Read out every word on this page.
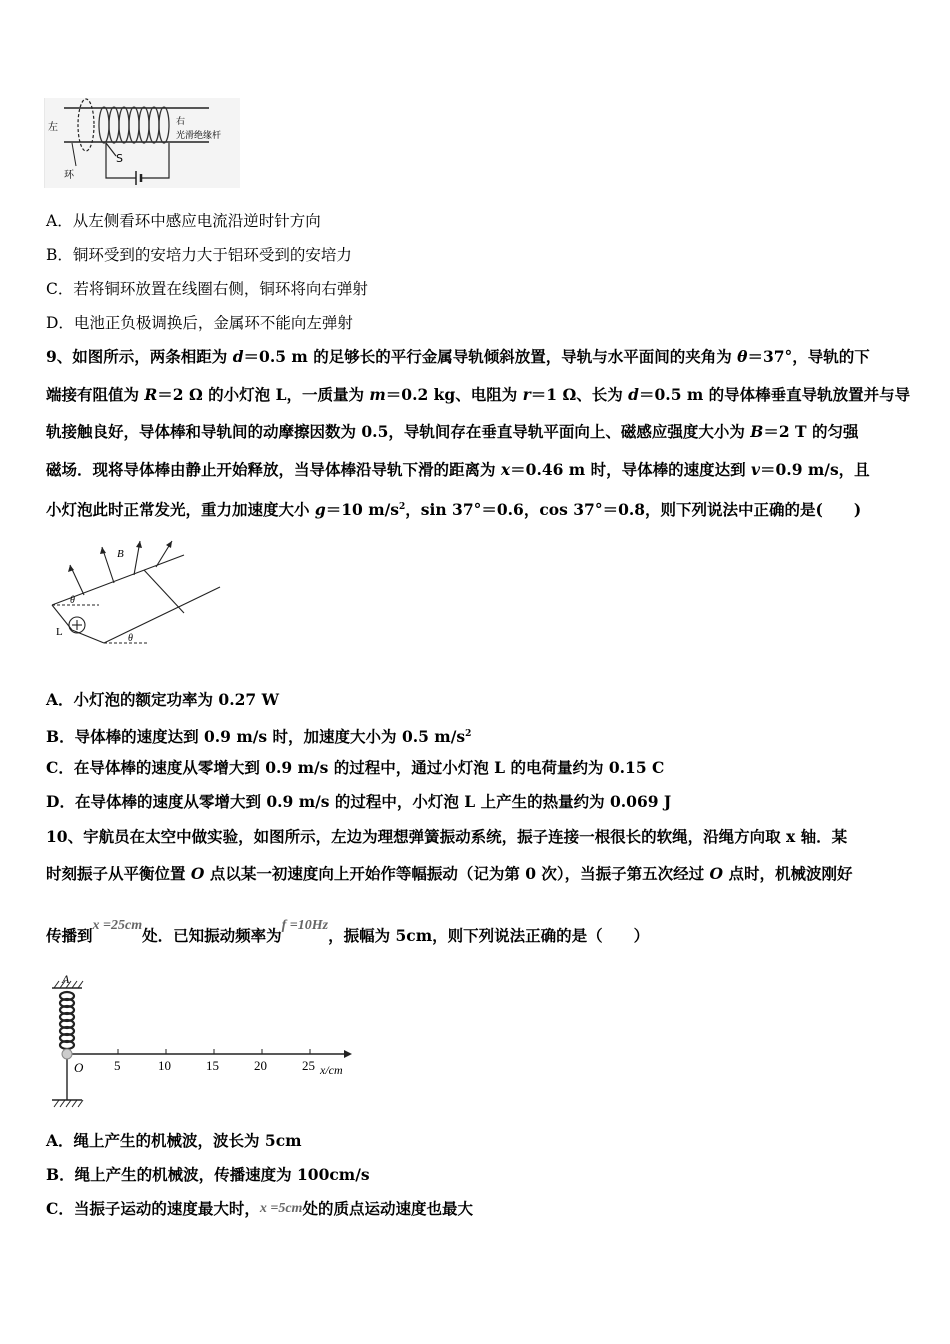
左	右
光滑绝缘杆
S
环
A．从左侧看环中感应电流沿逆时针方向
B．铜环受到的安培力大于铝环受到的安培力
C．若将铜环放置在线圈右侧，铜环将向右弹射
D．电池正负极调换后，金属环不能向左弹射
9、如图所示，两条相距为 d＝0.5 m 的足够长的平行金属导轨倾斜放置，导轨与水平面间的夹角为 θ＝37°，导轨的下
端接有阻值为 R＝2 Ω 的小灯泡 L，一质量为 m＝0.2 kg、电阻为 r＝1 Ω、长为 d＝0.5 m 的导体棒垂直导轨放置并与导
轨接触良好，导体棒和导轨间的动摩擦因数为 0.5，导轨间存在垂直导轨平面向上、磁感应强度大小为 B＝2 T 的匀强
磁场．现将导体棒由静止开始释放，当导体棒沿导轨下滑的距离为 x＝0.46 m 时，导体棒的速度达到 v＝0.9 m/s，且
小灯泡此时正常发光，重力加速度大小 g＝10 $m/s^2$，sin 37°＝0.6，cos 37°＝0.8，则下列说法中正确的是(　　)
B
θ
θ
L
A．小灯泡的额定功率为 0.27 W
B．导体棒的速度达到 0.9 m/s 时，加速度大小为 0.5 $m/s^2$
C．在导体棒的速度从零增大到 0.9 m/s 的过程中，通过小灯泡 L 的电荷量约为 0.15 C
D．在导体棒的速度从零增大到 0.9 m/s 的过程中，小灯泡 L 上产生的热量约为 0.069 J
10、宇航员在太空中做实验，如图所示，左边为理想弹簧振动系统，振子连接一根很长的软绳，沿绳方向取 x 轴．某
时刻振子从平衡位置 O 点以某一初速度向上开始作等幅振动（记为第 0 次），当振子第五次经过 O 点时，机械波刚好
传播到x =25cm处．已知振动频率为f =10Hz，振幅为 5cm，则下列说法正确的是（　　）
A
O 5	10	15	20	25 x/cm
A．绳上产生的机械波，波长为 5cm
B．绳上产生的机械波，传播速度为 100cm/s
C．当振子运动的速度最大时，x =5cm处的质点运动速度也最大
